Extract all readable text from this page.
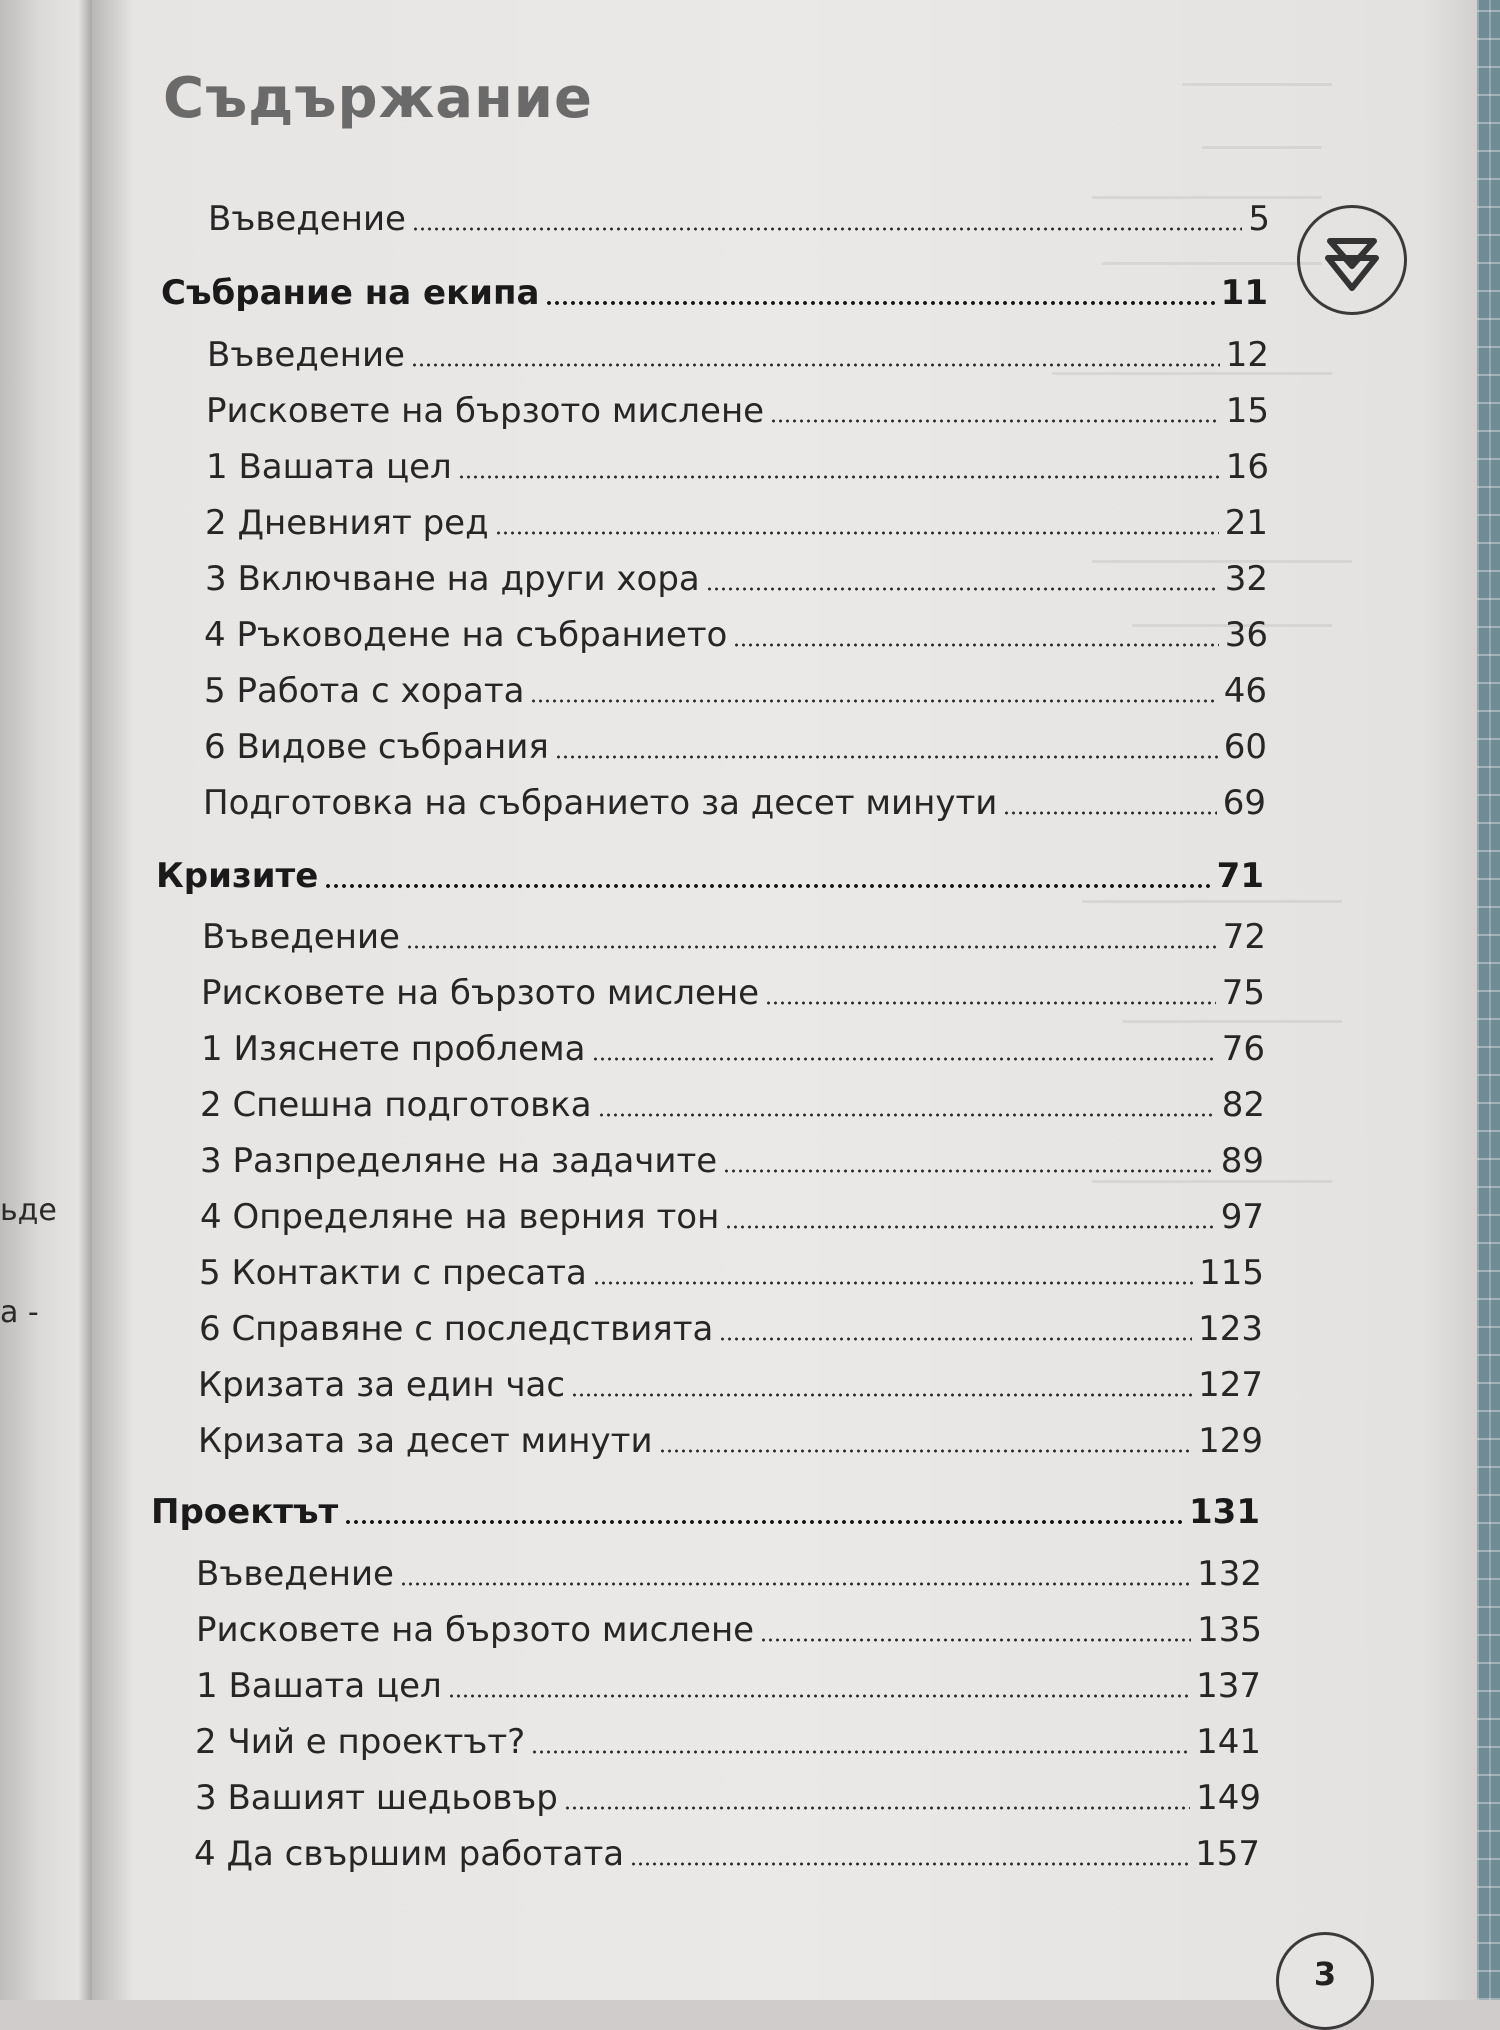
ьде
а -
Съдържание
Въведение	5
Събрание на екипа	11
Въведение	12
Рисковете на бързото мислене	15
1 Вашата цел	16
2 Дневният ред	21
3 Включване на други хора	32
4 Ръководене на събранието	36
5 Работа с хората	46
6 Видове събрания	60
Подготовка на събранието за десет минути	69
Кризите	71
Въведение	72
Рисковете на бързото мислене	75
1 Изяснете проблема	76
2 Спешна подготовка	82
3 Разпределяне на задачите	89
4 Определяне на верния тон	97
5 Контакти с пресата	115
6 Справяне с последствията	123
Кризата за един час	127
Кризата за десет минути	129
Проектът	131
Въведение	132
Рисковете на бързото мислене	135
1 Вашата цел	137
2 Чий е проектът?	141
3 Вашият шедьовър	149
4 Да свършим работата	157
3
